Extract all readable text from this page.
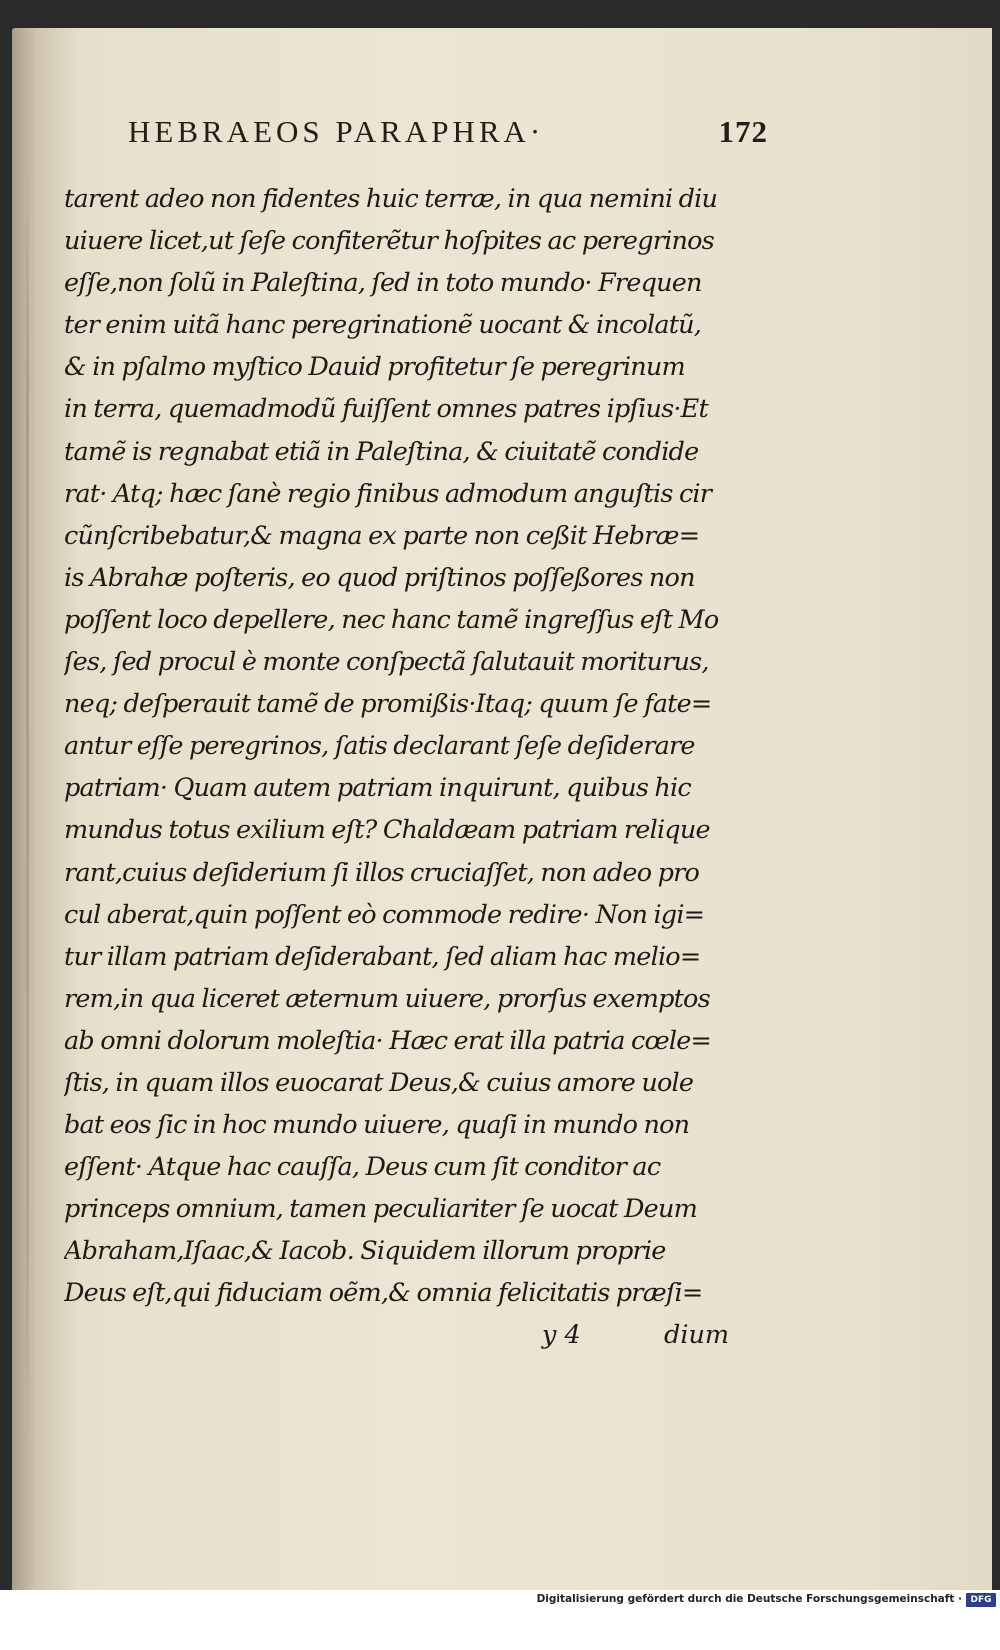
HEBRAEOS PARAPHRA·	172
tarent adeo non fidentes huic terræ, in qua nemini diu
uiuere licet,ut ſeſe confiterẽtur hoſpites ac peregrinos
eſſe,non ſolũ in Paleſtina, ſed in toto mundo· Frequen
ter enim uitã hanc peregrinationẽ uocant & incolatũ,
& in pſalmo myſtico Dauid profitetur ſe peregrinum
in terra, quemadmodũ fuiſſent omnes patres ipſius·Et
tamẽ is regnabat etiã in Paleſtina, & ciuitatẽ condide
rat· Atq; hæc ſanè regio finibus admodum anguſtis cir
cũnſcribebatur,& magna ex parte non ceßit Hebræ=
is Abrahæ poſteris, eo quod priſtinos poſſeßores non
poſſent loco depellere, nec hanc tamẽ ingreſſus eſt Mo
ſes, ſed procul è monte conſpectã ſalutauit moriturus,
neq; deſperauit tamẽ de promißis·Itaq; quum ſe fate=
antur eſſe peregrinos, ſatis declarant ſeſe deſiderare
patriam· Quam autem patriam inquirunt, quibus hic
mundus totus exilium eſt? Chaldæam patriam relique
rant,cuius deſiderium ſi illos cruciaſſet, non adeo pro
cul aberat,quin poſſent eò commode redire· Non igi=
tur illam patriam deſiderabant, ſed aliam hac melio=
rem,in qua liceret æternum uiuere, prorſus exemptos
ab omni dolorum moleſtia· Hæc erat illa patria cœle=
ſtis, in quam illos euocarat Deus,& cuius amore uole
bat eos ſic in hoc mundo uiuere, quaſi in mundo non
eſſent· Atque hac cauſſa, Deus cum ſit conditor ac
princeps omnium, tamen peculiariter ſe uocat Deum
Abraham,Iſaac,& Iacob. Siquidem illorum proprie
Deus eſt,qui fiduciam oẽm,& omnia felicitatis præſi=
y 4	dium
Digitalisierung gefördert durch die Deutsche Forschungsgemeinschaft · DFG
